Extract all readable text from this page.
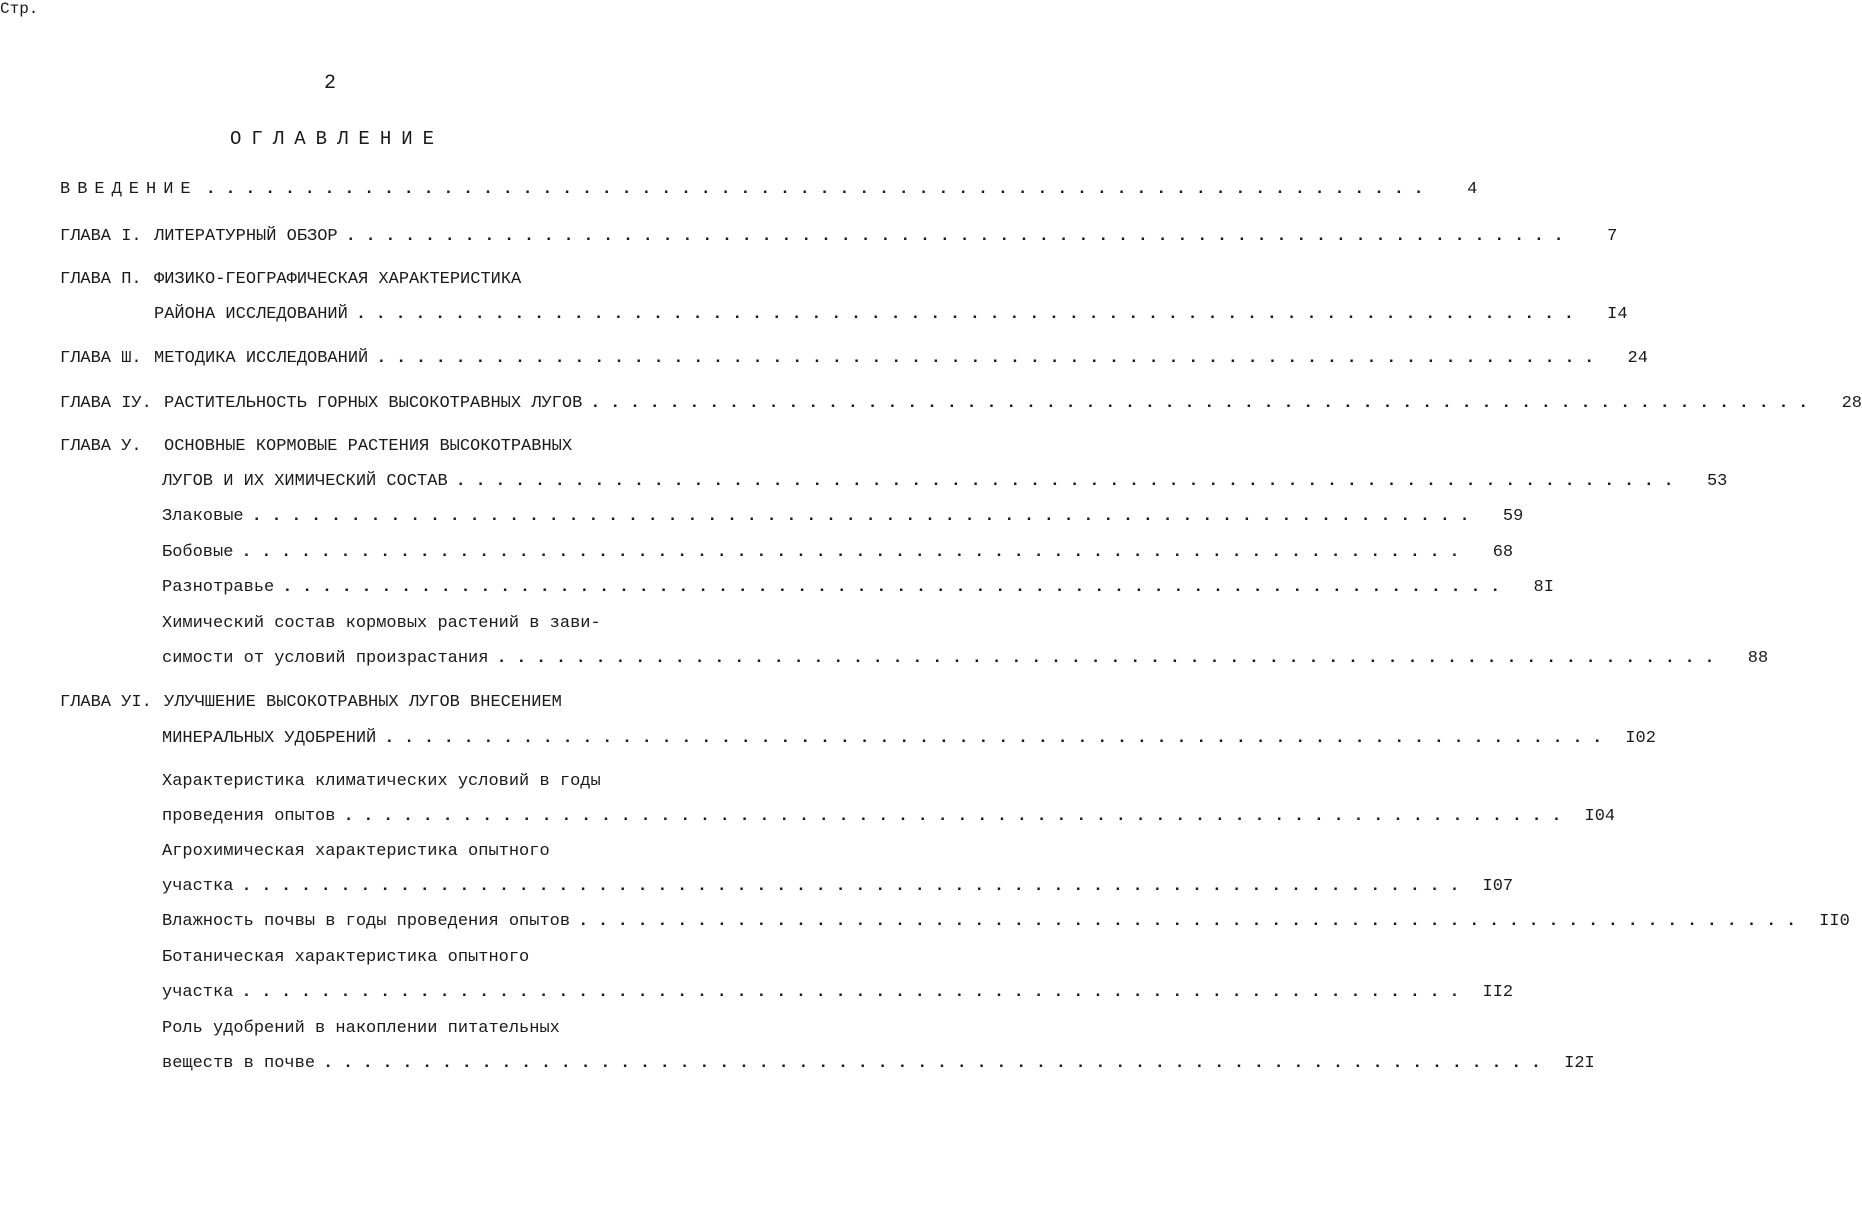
2
ОГЛАВЛЕНИЕ
Стр.
ВВЕДЕНИЕ ..............................................................	4
ГЛАВА I. ЛИТЕРАТУРНЫЙ ОБЗОР ..............................................................	7
ГЛАВА П. ФИЗИКО-ГЕОГРАФИЧЕСКАЯ ХАРАКТЕРИСТИКА
РАЙОНА ИССЛЕДОВАНИЙ ..............................................................	I4
ГЛАВА Ш. МЕТОДИКА ИССЛЕДОВАНИЙ ..............................................................	24
ГЛАВА IУ. РАСТИТЕЛЬНОСТЬ ГОРНЫХ ВЫСОКОТРАВНЫХ ЛУГОВ ..............................................................	28
ГЛАВА У.	ОСНОВНЫЕ КОРМОВЫЕ РАСТЕНИЯ ВЫСОКОТРАВНЫХ
ЛУГОВ И ИХ ХИМИЧЕСКИЙ СОСТАВ ..............................................................	53
Злаковые ..............................................................	59
Бобовые ..............................................................	68
Разнотравье ..............................................................	8I
Химический состав кормовых растений в зави-
симости от условий произрастания ..............................................................	88
ГЛАВА УI. УЛУЧШЕНИЕ ВЫСОКОТРАВНЫХ ЛУГОВ ВНЕСЕНИЕМ
МИНЕРАЛЬНЫХ УДОБРЕНИЙ .............................................................. I02
Характеристика климатических условий в годы
проведения опытов .............................................................. I04
Агрохимическая характеристика опытного
участка .............................................................. I07
Влажность почвы в годы проведения опытов .............................................................. II0
Ботаническая характеристика опытного
участка .............................................................. II2
Роль удобрений в накоплении питательных
веществ в почве .............................................................. I2I
